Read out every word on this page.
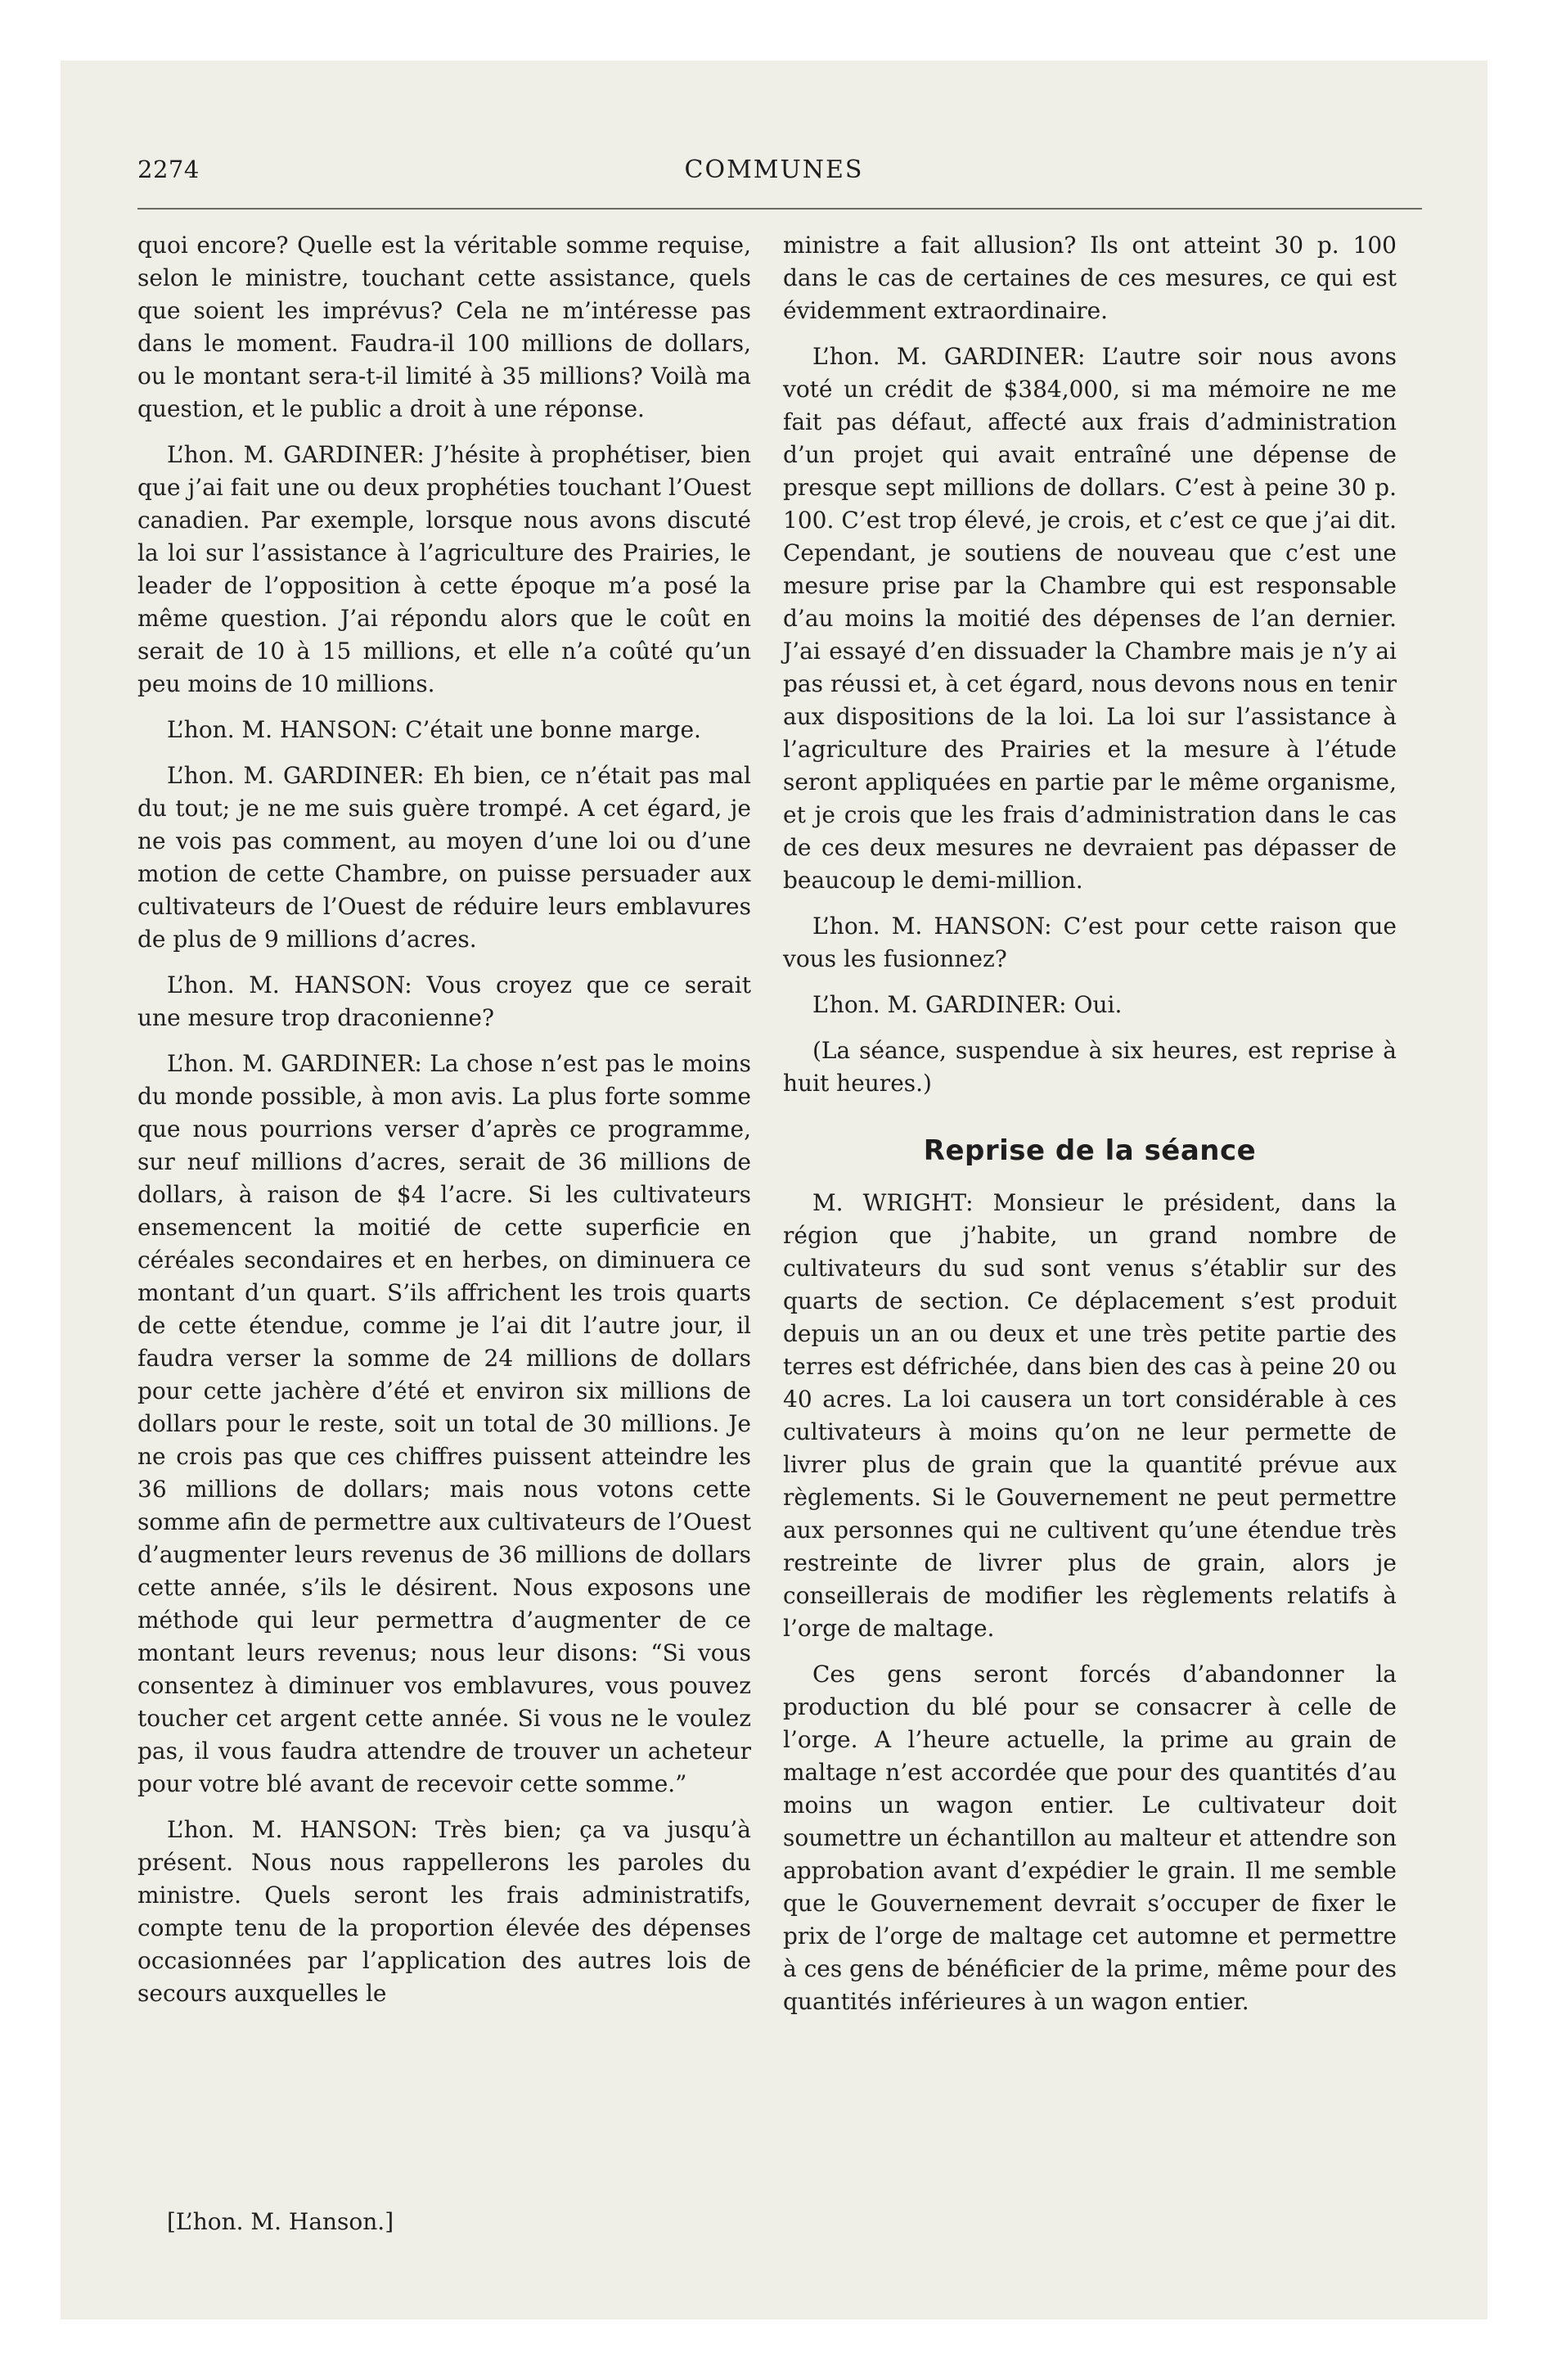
2274	COMMUNES

quoi encore? Quelle est la véritable somme requise, selon le ministre, touchant cette assistance, quels que soient les imprévus? Cela ne m’intéresse pas dans le moment. Faudra-il 100 millions de dollars, ou le montant sera-t-il limité à 35 millions? Voilà ma question, et le public a droit à une réponse.

L’hon. M. GARDINER: J’hésite à prophétiser, bien que j’ai fait une ou deux prophéties touchant l’Ouest canadien. Par exemple, lorsque nous avons discuté la loi sur l’assistance à l’agriculture des Prairies, le leader de l’opposition à cette époque m’a posé la même question. J’ai répondu alors que le coût en serait de 10 à 15 millions, et elle n’a coûté qu’un peu moins de 10 millions.

L’hon. M. HANSON: C’était une bonne marge.

L’hon. M. GARDINER: Eh bien, ce n’était pas mal du tout; je ne me suis guère trompé. A cet égard, je ne vois pas comment, au moyen d’une loi ou d’une motion de cette Chambre, on puisse persuader aux cultivateurs de l’Ouest de réduire leurs emblavures de plus de 9 millions d’acres.

L’hon. M. HANSON: Vous croyez que ce serait une mesure trop draconienne?

L’hon. M. GARDINER: La chose n’est pas le moins du monde possible, à mon avis. La plus forte somme que nous pourrions verser d’après ce programme, sur neuf millions d’acres, serait de 36 millions de dollars, à raison de $4 l’acre. Si les cultivateurs ensemencent la moitié de cette superficie en céréales secondaires et en herbes, on diminuera ce montant d’un quart. S’ils affrichent les trois quarts de cette étendue, comme je l’ai dit l’autre jour, il faudra verser la somme de 24 millions de dollars pour cette jachère d’été et environ six millions de dollars pour le reste, soit un total de 30 millions. Je ne crois pas que ces chiffres puissent atteindre les 36 millions de dollars; mais nous votons cette somme afin de permettre aux cultivateurs de l’Ouest d’augmenter leurs revenus de 36 millions de dollars cette année, s’ils le désirent. Nous exposons une méthode qui leur permettra d’augmenter de ce montant leurs revenus; nous leur disons: “Si vous consentez à diminuer vos emblavures, vous pouvez toucher cet argent cette année. Si vous ne le voulez pas, il vous faudra attendre de trouver un acheteur pour votre blé avant de recevoir cette somme.”

L’hon. M. HANSON: Très bien; ça va jusqu’à présent. Nous nous rappellerons les paroles du ministre. Quels seront les frais administratifs, compte tenu de la proportion élevée des dépenses occasionnées par l’application des autres lois de secours auxquelles le

[L’hon. M. Hanson.]

ministre a fait allusion? Ils ont atteint 30 p. 100 dans le cas de certaines de ces mesures, ce qui est évidemment extraordinaire.

L’hon. M. GARDINER: L’autre soir nous avons voté un crédit de $384,000, si ma mémoire ne me fait pas défaut, affecté aux frais d’administration d’un projet qui avait entraîné une dépense de presque sept millions de dollars. C’est à peine 30 p. 100. C’est trop élevé, je crois, et c’est ce que j’ai dit. Cependant, je soutiens de nouveau que c’est une mesure prise par la Chambre qui est responsable d’au moins la moitié des dépenses de l’an dernier. J’ai essayé d’en dissuader la Chambre mais je n’y ai pas réussi et, à cet égard, nous devons nous en tenir aux dispositions de la loi. La loi sur l’assistance à l’agriculture des Prairies et la mesure à l’étude seront appliquées en partie par le même organisme, et je crois que les frais d’administration dans le cas de ces deux mesures ne devraient pas dépasser de beaucoup le demi-million.

L’hon. M. HANSON: C’est pour cette raison que vous les fusionnez?

L’hon. M. GARDINER: Oui.

(La séance, suspendue à six heures, est reprise à huit heures.)

Reprise de la séance

M. WRIGHT: Monsieur le président, dans la région que j’habite, un grand nombre de cultivateurs du sud sont venus s’établir sur des quarts de section. Ce déplacement s’est produit depuis un an ou deux et une très petite partie des terres est défrichée, dans bien des cas à peine 20 ou 40 acres. La loi causera un tort considérable à ces cultivateurs à moins qu’on ne leur permette de livrer plus de grain que la quantité prévue aux règlements. Si le Gouvernement ne peut permettre aux personnes qui ne cultivent qu’une étendue très restreinte de livrer plus de grain, alors je conseillerais de modifier les règlements relatifs à l’orge de maltage.

Ces gens seront forcés d’abandonner la production du blé pour se consacrer à celle de l’orge. A l’heure actuelle, la prime au grain de maltage n’est accordée que pour des quantités d’au moins un wagon entier. Le cultivateur doit soumettre un échantillon au malteur et attendre son approbation avant d’expédier le grain. Il me semble que le Gouvernement devrait s’occuper de fixer le prix de l’orge de maltage cet automne et permettre à ces gens de bénéficier de la prime, même pour des quantités inférieures à un wagon entier.
